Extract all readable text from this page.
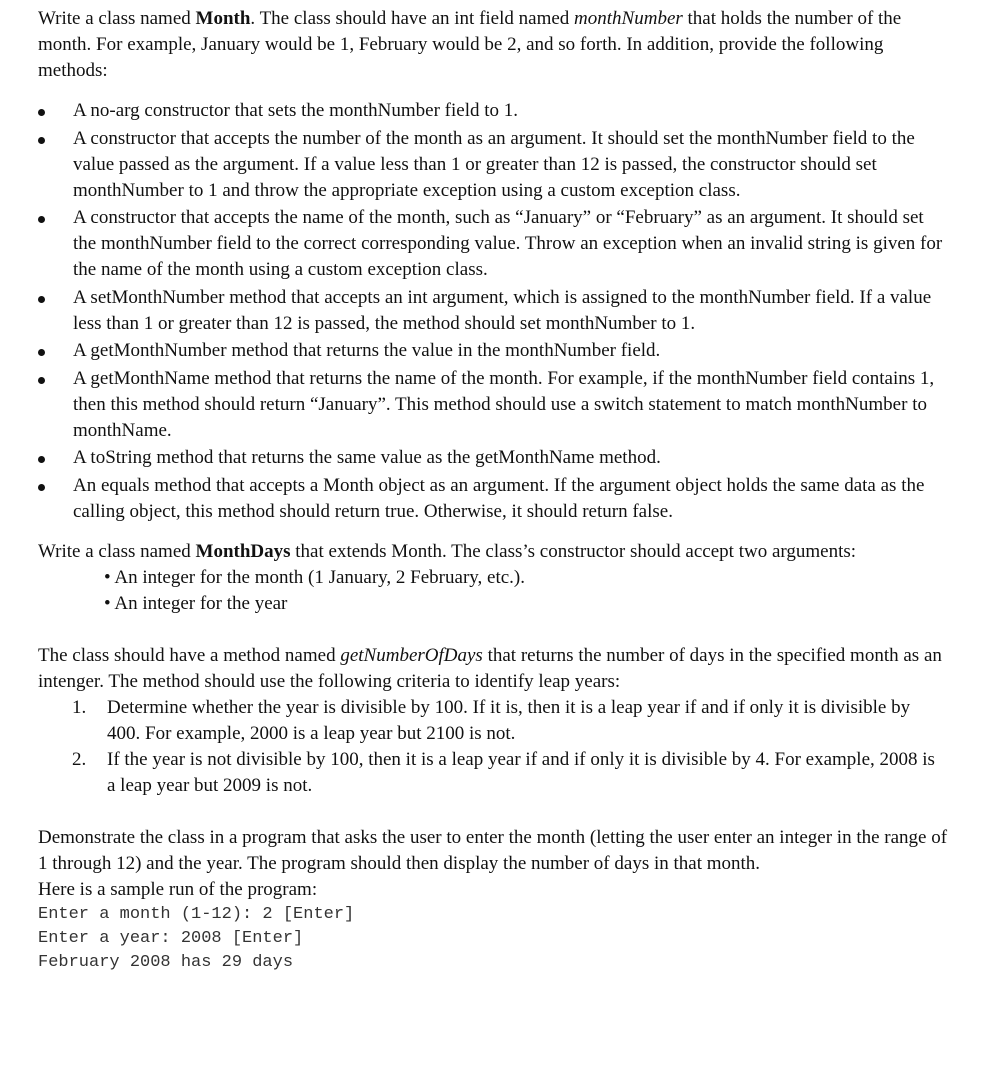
Write a class named Month. The class should have an int field named monthNumber that holds the number of the month. For example, January would be 1, February would be 2, and so forth. In addition, provide the following methods:

A no-arg constructor that sets the monthNumber field to 1.
A constructor that accepts the number of the month as an argument. It should set the monthNumber field to the value passed as the argument. If a value less than 1 or greater than 12 is passed, the constructor should set monthNumber to 1 and throw the appropriate exception using a custom exception class.
A constructor that accepts the name of the month, such as “January” or “February” as an argument. It should set the monthNumber field to the correct corresponding value. Throw an exception when an invalid string is given for the name of the month using a custom exception class.
A setMonthNumber method that accepts an int argument, which is assigned to the monthNumber field. If a value less than 1 or greater than 12 is passed, the method should set monthNumber to 1.
A getMonthNumber method that returns the value in the monthNumber field.
A getMonthName method that returns the name of the month. For example, if the monthNumber field contains 1, then this method should return “January”. This method should use a switch statement to match monthNumber to monthName.
A toString method that returns the same value as the getMonthName method.
An equals method that accepts a Month object as an argument. If the argument object holds the same data as the calling object, this method should return true. Otherwise, it should return false.

Write a class named MonthDays that extends Month. The class’s constructor should accept two arguments:

• An integer for the month (1 January, 2 February, etc.).
• An integer for the year

The class should have a method named getNumberOfDays that returns the number of days in the specified month as an intenger. The method should use the following criteria to identify leap years:

1. Determine whether the year is divisible by 100. If it is, then it is a leap year if and if only it is divisible by 400. For example, 2000 is a leap year but 2100 is not.
2. If the year is not divisible by 100, then it is a leap year if and if only it is divisible by 4. For example, 2008 is a leap year but 2009 is not.

Demonstrate the class in a program that asks the user to enter the month (letting the user enter an integer in the range of 1 through 12) and the year. The program should then display the number of days in that month.

Here is a sample run of the program:

Enter a month (1-12): 2 [Enter]
Enter a year: 2008 [Enter]
February 2008 has 29 days
